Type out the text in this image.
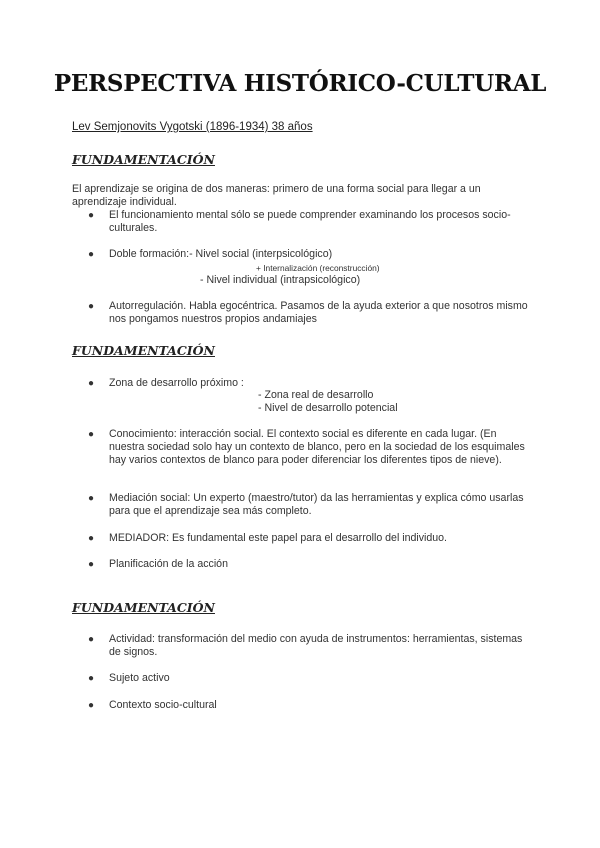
PERSPECTIVA HISTÓRICO-CULTURAL
Lev Semjonovits Vygotski (1896-1934) 38 años
FUNDAMENTACIÓN
El aprendizaje se origina de dos maneras: primero de una forma social para llegar a un aprendizaje individual.
●	El funcionamiento mental sólo se puede comprender examinando los procesos socio-culturales.
●	Doble formación:- Nivel social (interpsicológico)
+ Internalización (reconstrucción)
- Nivel individual (intrapsicológico)
●	Autorregulación. Habla egocéntrica. Pasamos de la ayuda exterior a que nosotros mismo nos pongamos nuestros propios andamiajes
FUNDAMENTACIÓN
●	Zona de desarrollo próximo :
- Zona real de desarrollo
- Nivel de desarrollo potencial
●	Conocimiento: interacción social. El contexto social es diferente en cada lugar. (En nuestra sociedad solo hay un contexto de blanco, pero en la sociedad de los esquimales hay varios contextos de blanco para poder diferenciar los diferentes tipos de nieve).
●	Mediación social: Un experto (maestro/tutor) da las herramientas y explica cómo usarlas para que el aprendizaje sea más completo.
●	MEDIADOR: Es fundamental este papel para el desarrollo del individuo.
●	Planificación de la acción
FUNDAMENTACIÓN
●	Actividad: transformación del medio con ayuda de instrumentos: herramientas, sistemas de signos.
●	Sujeto activo
●	Contexto socio-cultural
